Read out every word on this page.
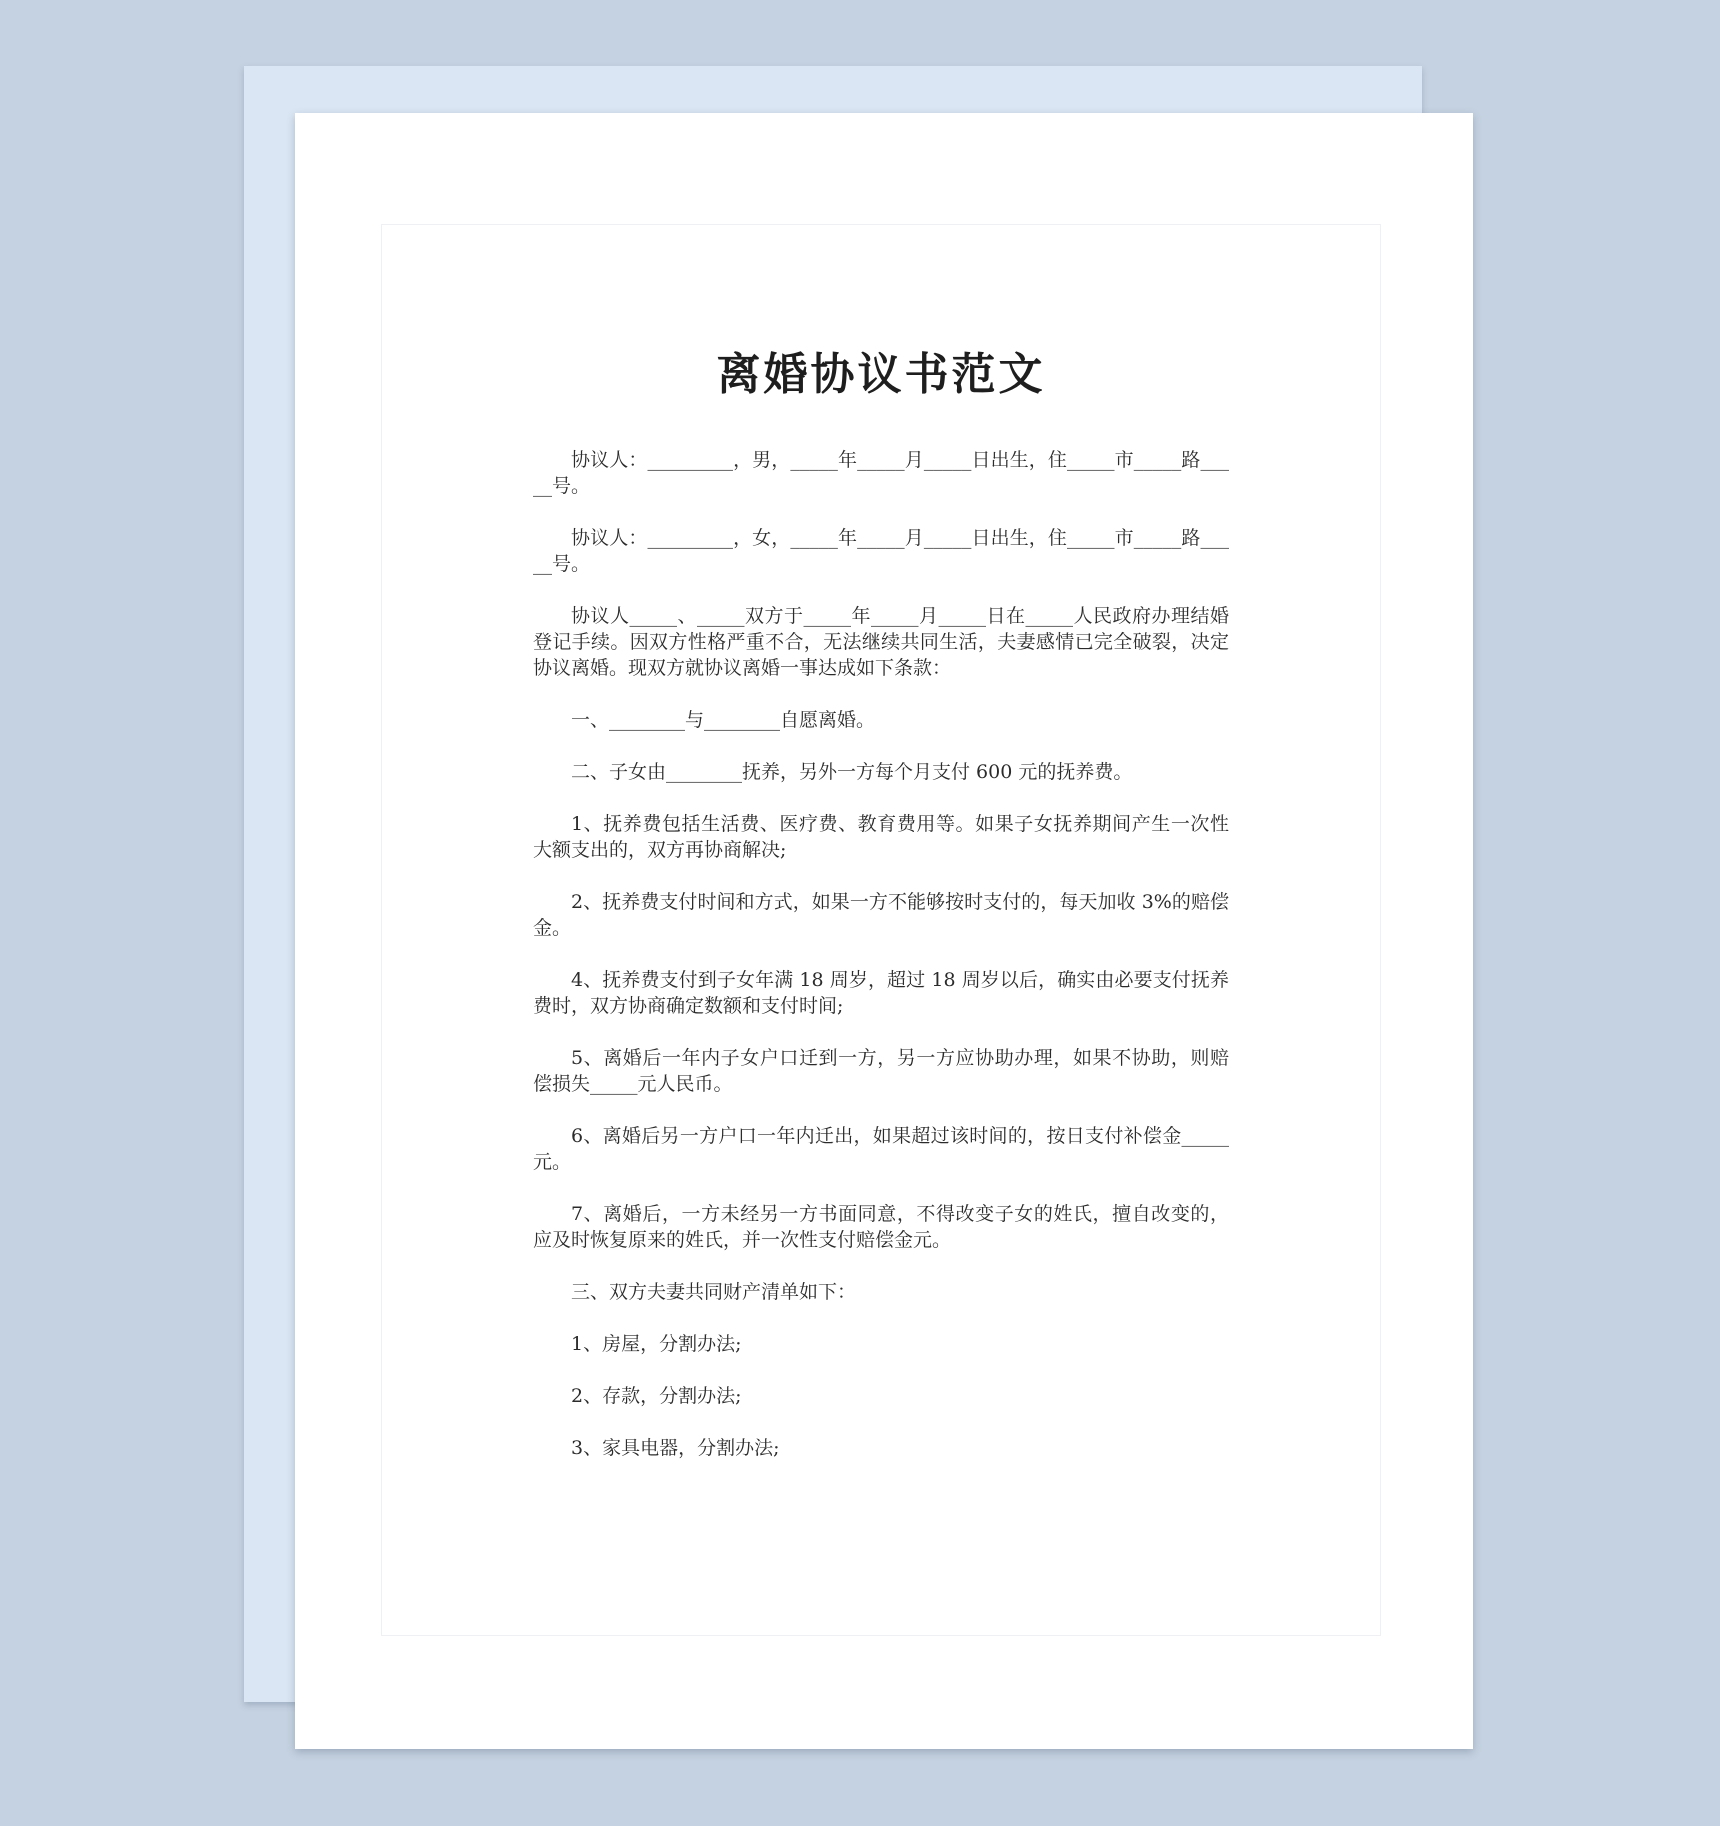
离婚协议书范文

协议人：_________，男，_____年_____月_____日出生，住_____市_____路_____号。

协议人：_________，女，_____年_____月_____日出生，住_____市_____路_____号。

协议人_____、_____双方于_____年_____月_____日在_____人民政府办理结婚登记手续。因双方性格严重不合，无法继续共同生活，夫妻感情已完全破裂，决定协议离婚。现双方就协议离婚一事达成如下条款：

一、________与________自愿离婚。

二、子女由________抚养，另外一方每个月支付 600 元的抚养费。

1、抚养费包括生活费、医疗费、教育费用等。如果子女抚养期间产生一次性大额支出的，双方再协商解决;

2、抚养费支付时间和方式，如果一方不能够按时支付的，每天加收 3%的赔偿金。

4、抚养费支付到子女年满 18 周岁，超过 18 周岁以后，确实由必要支付抚养费时，双方协商确定数额和支付时间;

5、离婚后一年内子女户口迁到一方，另一方应协助办理，如果不协助，则赔偿损失_____元人民币。

6、离婚后另一方户口一年内迁出，如果超过该时间的，按日支付补偿金_____元。

7、离婚后，一方未经另一方书面同意，不得改变子女的姓氏，擅自改变的，应及时恢复原来的姓氏，并一次性支付赔偿金元。

三、双方夫妻共同财产清单如下：

1、房屋，分割办法;

2、存款，分割办法;

3、家具电器，分割办法;
